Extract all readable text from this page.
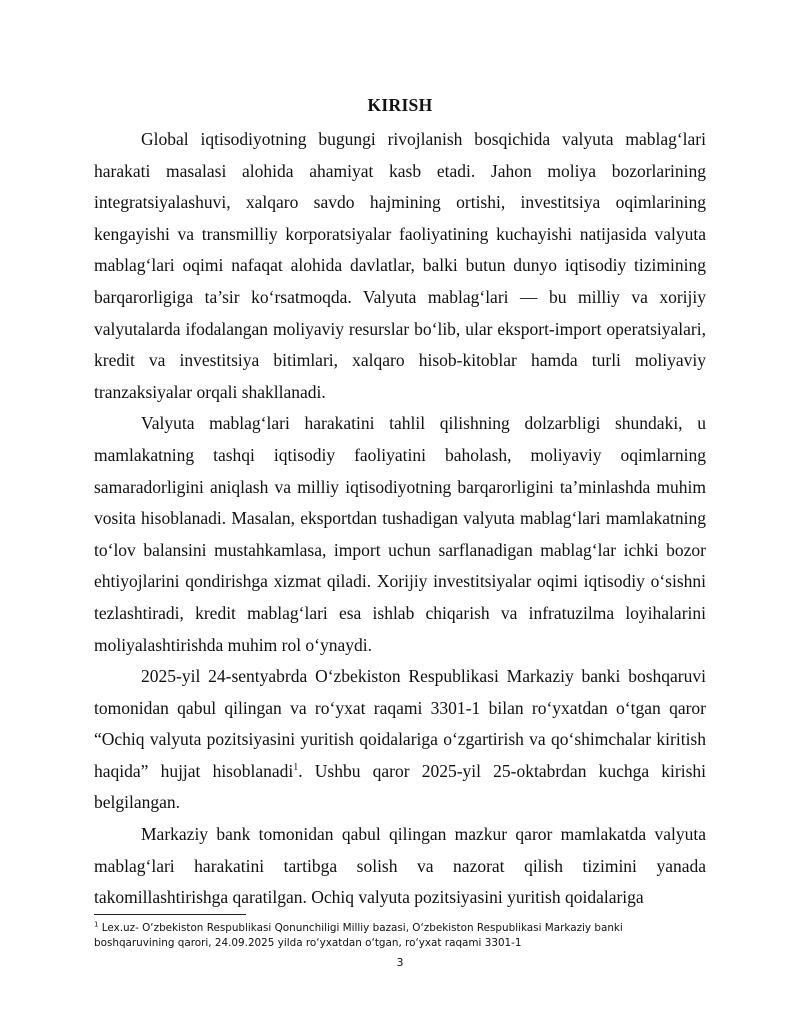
KIRISH

Global iqtisodiyotning bugungi rivojlanish bosqichida valyuta mablag‘lari harakati masalasi alohida ahamiyat kasb etadi. Jahon moliya bozorlarining integratsiyalashuvi, xalqaro savdo hajmining ortishi, investitsiya oqimlarining kengayishi va transmilliy korporatsiyalar faoliyatining kuchayishi natijasida valyuta mablag‘lari oqimi nafaqat alohida davlatlar, balki butun dunyo iqtisodiy tizimining barqarorligiga ta’sir ko‘rsatmoqda. Valyuta mablag‘lari — bu milliy va xorijiy valyutalarda ifodalangan moliyaviy resurslar bo‘lib, ular eksport-import operatsiyalari, kredit va investitsiya bitimlari, xalqaro hisob-kitoblar hamda turli moliyaviy tranzaksiyalar orqali shakllanadi.

Valyuta mablag‘lari harakatini tahlil qilishning dolzarbligi shundaki, u mamlakatning tashqi iqtisodiy faoliyatini baholash, moliyaviy oqimlarning samaradorligini aniqlash va milliy iqtisodiyotning barqarorligini ta’minlashda muhim vosita hisoblanadi. Masalan, eksportdan tushadigan valyuta mablag‘lari mamlakatning to‘lov balansini mustahkamlasa, import uchun sarflanadigan mablag‘lar ichki bozor ehtiyojlarini qondirishga xizmat qiladi. Xorijiy investitsiyalar oqimi iqtisodiy o‘sishni tezlashtiradi, kredit mablag‘lari esa ishlab chiqarish va infratuzilma loyihalarini moliyalashtirishda muhim rol o‘ynaydi.

2025-yil 24-sentyabrda O‘zbekiston Respublikasi Markaziy banki boshqaruvi tomonidan qabul qilingan va ro‘yxat raqami 3301-1 bilan ro‘yxatdan o‘tgan qaror “Ochiq valyuta pozitsiyasini yuritish qoidalariga o‘zgartirish va qo‘shimchalar kiritish haqida” hujjat hisoblanadi$^1$. Ushbu qaror 2025-yil 25-oktabrdan kuchga kirishi belgilangan.

Markaziy bank tomonidan qabul qilingan mazkur qaror mamlakatda valyuta mablag‘lari harakatini tartibga solish va nazorat qilish tizimini yanada takomillashtirishga qaratilgan. Ochiq valyuta pozitsiyasini yuritish qoidalariga

$^1$ Lex.uz- O‘zbekiston Respublikasi Qonunchiligi Milliy bazasi, O‘zbekiston Respublikasi Markaziy banki boshqaruvining qarori, 24.09.2025 yilda ro‘yxatdan o‘tgan, ro‘yxat raqami 3301-1
3
